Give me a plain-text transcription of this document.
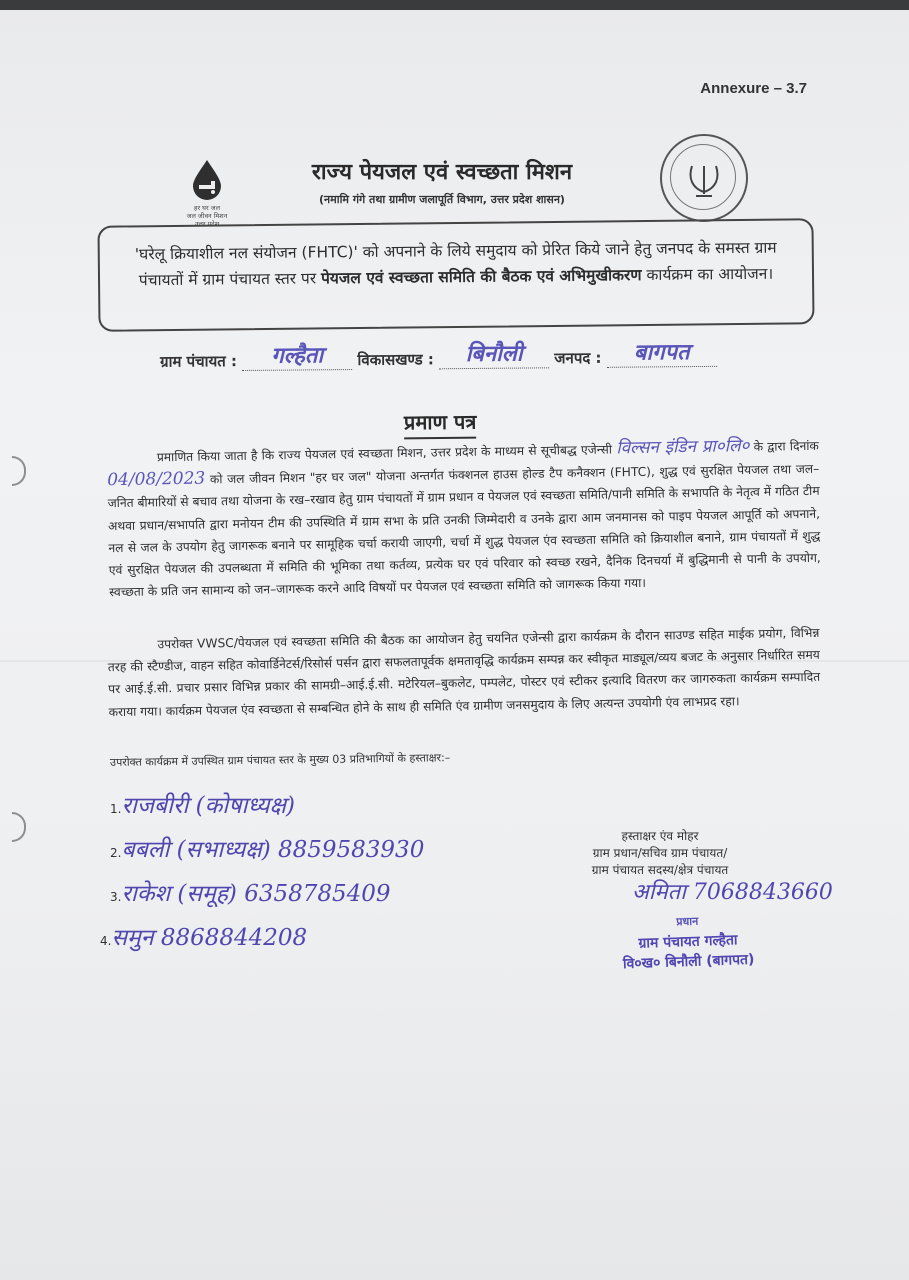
Annexure – 3.7
हर घर जल
जल जीवन मिशन
उत्तर प्रदेश
राज्य पेयजल एवं स्वच्छता मिशन
(नमामि गंगे तथा ग्रामीण जलापूर्ति विभाग, उत्तर प्रदेश शासन)

'घरेलू क्रियाशील नल संयोजन (FHTC)' को अपनाने के लिये समुदाय को प्रेरित किये जाने हेतु जनपद के समस्त ग्राम पंचायतों में ग्राम पंचायत स्तर पर पेयजल एवं स्वच्छता समिति की बैठक एवं अभिमुखीकरण कार्यक्रम का आयोजन।

ग्राम पंचायत : गल्हैता विकासखण्ड : बिनौली जनपद : बागपत
प्रमाण पत्र
प्रमाणित किया जाता है कि राज्य पेयजल एवं स्वच्छता मिशन, उत्तर प्रदेश के माध्यम से सूचीबद्ध एजेन्सी विल्सन इंडिन प्रा०लि० के द्वारा दिनांक 04/08/2023 को जल जीवन मिशन "हर घर जल" योजना अन्तर्गत फंक्शनल हाउस होल्ड टैप कनैक्शन (FHTC), शुद्ध एवं सुरक्षित पेयजल तथा जल–जनित बीमारियों से बचाव तथा योजना के रख–रखाव हेतु ग्राम पंचायतों में ग्राम प्रधान व पेयजल एवं स्वच्छता समिति/पानी समिति के सभापति के नेतृत्व में गठित टीम अथवा प्रधान/सभापति द्वारा मनोयन टीम की उपस्थिति में ग्राम सभा के प्रति उनकी जिम्मेदारी व उनके द्वारा आम जनमानस को पाइप पेयजल आपूर्ति को अपनाने, नल से जल के उपयोग हेतु जागरूक बनाने पर सामूहिक चर्चा करायी जाएगी, चर्चा में शुद्ध पेयजल एंव स्वच्छता समिति को क्रियाशील बनाने, ग्राम पंचायतों में शुद्ध एवं सुरक्षित पेयजल की उपलब्धता में समिति की भूमिका तथा कर्तव्य, प्रत्येक घर एवं परिवार को स्वच्छ रखने, दैनिक दिनचर्या में बुद्धिमानी से पानी के उपयोग, स्वच्छता के प्रति जन सामान्य को जन–जागरूक करने आदि विषयों पर पेयजल एवं स्वच्छता समिति को जागरूक किया गया।
उपरोक्त VWSC/पेयजल एवं स्वच्छता समिति की बैठक का आयोजन हेतु चयनित एजेन्सी द्वारा कार्यक्रम के दौरान साउण्ड सहित माईक प्रयोग, विभिन्न तरह की स्टैण्डीज, वाहन सहित कोवार्डिनेटर्स/रिसोर्स पर्सन द्वारा सफलतापूर्वक क्षमतावृद्धि कार्यक्रम सम्पन्न कर स्वीकृत माड्यूल/व्यय बजट के अनुसार निर्धारित समय पर आई.ई.सी. प्रचार प्रसार विभिन्न प्रकार की सामग्री–आई.ई.सी. मटेरियल–बुकलेट, पम्पलेट, पोस्टर एवं स्टीकर इत्यादि वितरण कर जागरुकता कार्यक्रम सम्पादित कराया गया। कार्यक्रम पेयजल एंव स्वच्छता से सम्बन्धित होने के साथ ही समिति एंव ग्रामीण जनसमुदाय के लिए अत्यन्त उपयोगी एंव लाभप्रद रहा।
उपरोक्त कार्यक्रम में उपस्थित ग्राम पंचायत स्तर के मुख्य 03 प्रतिभागियों के हस्ताक्षर:–
1.राजबीरी (कोषाध्यक्ष)
2.बबली (सभाध्यक्ष) 8859583930
3.राकेश (समूह) 6358785409
4.समुन 8868844208
हस्ताक्षर एंव मोहर
ग्राम प्रधान/सचिव ग्राम पंचायत/
ग्राम पंचायत सदस्य/क्षेत्र पंचायत
अमिता 7068843660
प्रधान
ग्राम पंचायत गल्हैता
वि०ख० बिनौली (बागपत)
